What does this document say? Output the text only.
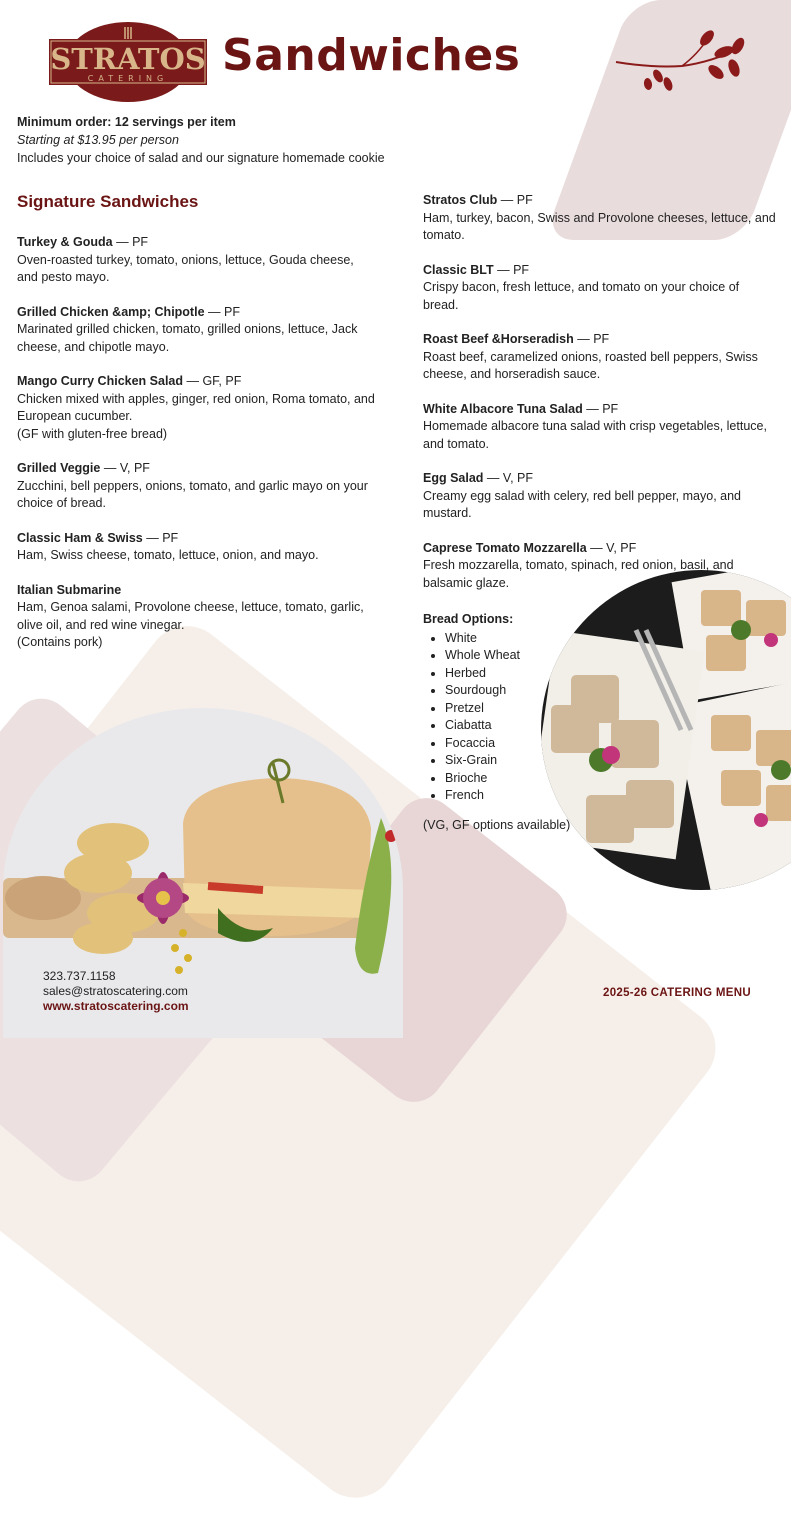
STRATOS
CATERING Sandwiches
Minimum order: 12 servings per item
Starting at $13.95 per person
Includes your choice of salad and our signature homemade cookie
Signature Sandwiches
Turkey & Gouda — PF
Oven-roasted turkey, tomato, onions, lettuce, Gouda cheese, and pesto mayo.
Grilled Chicken &amp; Chipotle — PF
Marinated grilled chicken, tomato, grilled onions, lettuce, Jack cheese, and chipotle mayo.
Mango Curry Chicken Salad — GF, PF
Chicken mixed with apples, ginger, red onion, Roma tomato, and European cucumber.
(GF with gluten-free bread)
Grilled Veggie — V, PF
Zucchini, bell peppers, onions, tomato, and garlic mayo on your choice of bread.
Classic Ham & Swiss — PF
Ham, Swiss cheese, tomato, lettuce, onion, and mayo.
Italian Submarine
Ham, Genoa salami, Provolone cheese, lettuce, tomato, garlic, olive oil, and red wine vinegar.
(Contains pork)
Stratos Club — PF
Ham, turkey, bacon, Swiss and Provolone cheeses, lettuce, and tomato.
Classic BLT — PF
Crispy bacon, fresh lettuce, and tomato on your choice of bread.
Roast Beef &Horseradish — PF
Roast beef, caramelized onions, roasted bell peppers, Swiss cheese, and horseradish sauce.
White Albacore Tuna Salad — PF
Homemade albacore tuna salad with crisp vegetables, lettuce, and tomato.
Egg Salad — V, PF
Creamy egg salad with celery, red bell pepper, mayo, and mustard.
Caprese Tomato Mozzarella — V, PF
Fresh mozzarella, tomato, spinach, red onion, basil, and balsamic glaze.
Bread Options:
• White
• Whole Wheat
• Herbed
• Sourdough
• Pretzel
• Ciabatta
• Focaccia
• Six-Grain
• Brioche
• French
(VG, GF options available)
323.737.1158
sales@stratoscatering.com
www.stratoscatering.com
2025-26 CATERING MENU
